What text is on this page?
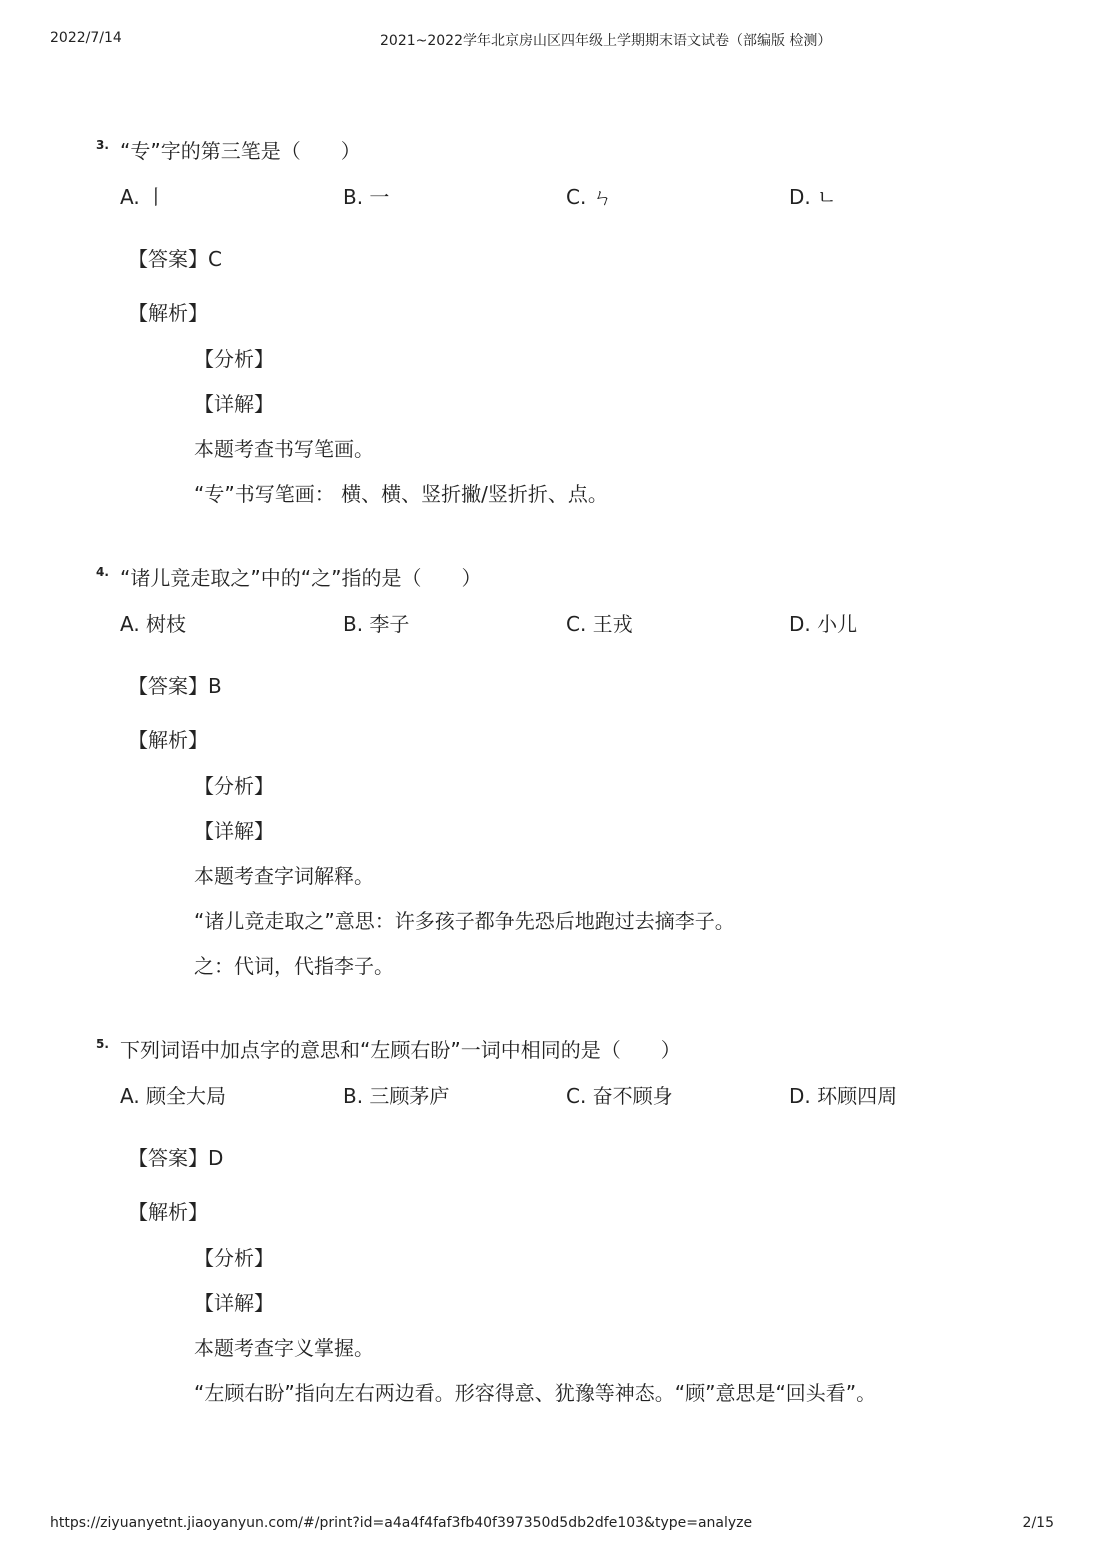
2022/7/14	2021~2022学年北京房山区四年级上学期期末语文试卷（部编版 检测）
3. “专”字的第三笔是（　　）
A. 丨	B. 一	C. ㄣ	D. ㄴ
【答案】C
【解析】
【分析】
【详解】
本题考查书写笔画。
“专”书写笔画： 横、横、竖折撇/竖折折、点。
4. “诸儿竞走取之”中的“之”指的是（　　）
A. 树枝	B. 李子	C. 王戎	D. 小儿
【答案】B
【解析】
【分析】
【详解】
本题考查字词解释。
“诸儿竞走取之”意思：许多孩子都争先恐后地跑过去摘李子。
之：代词，代指李子。
5. 下列词语中加点字的意思和“左顾右盼”一词中相同的是（　　）
A. 顾全大局	B. 三顾茅庐	C. 奋不顾身	D. 环顾四周
【答案】D
【解析】
【分析】
【详解】
本题考查字义掌握。
“左顾右盼”指向左右两边看。形容得意、犹豫等神态。“顾”意思是“回头看”。
https://ziyuanyetnt.jiaoyanyun.com/#/print?id=a4a4f4faf3fb40f397350d5db2dfe103&type=analyze	2/15
